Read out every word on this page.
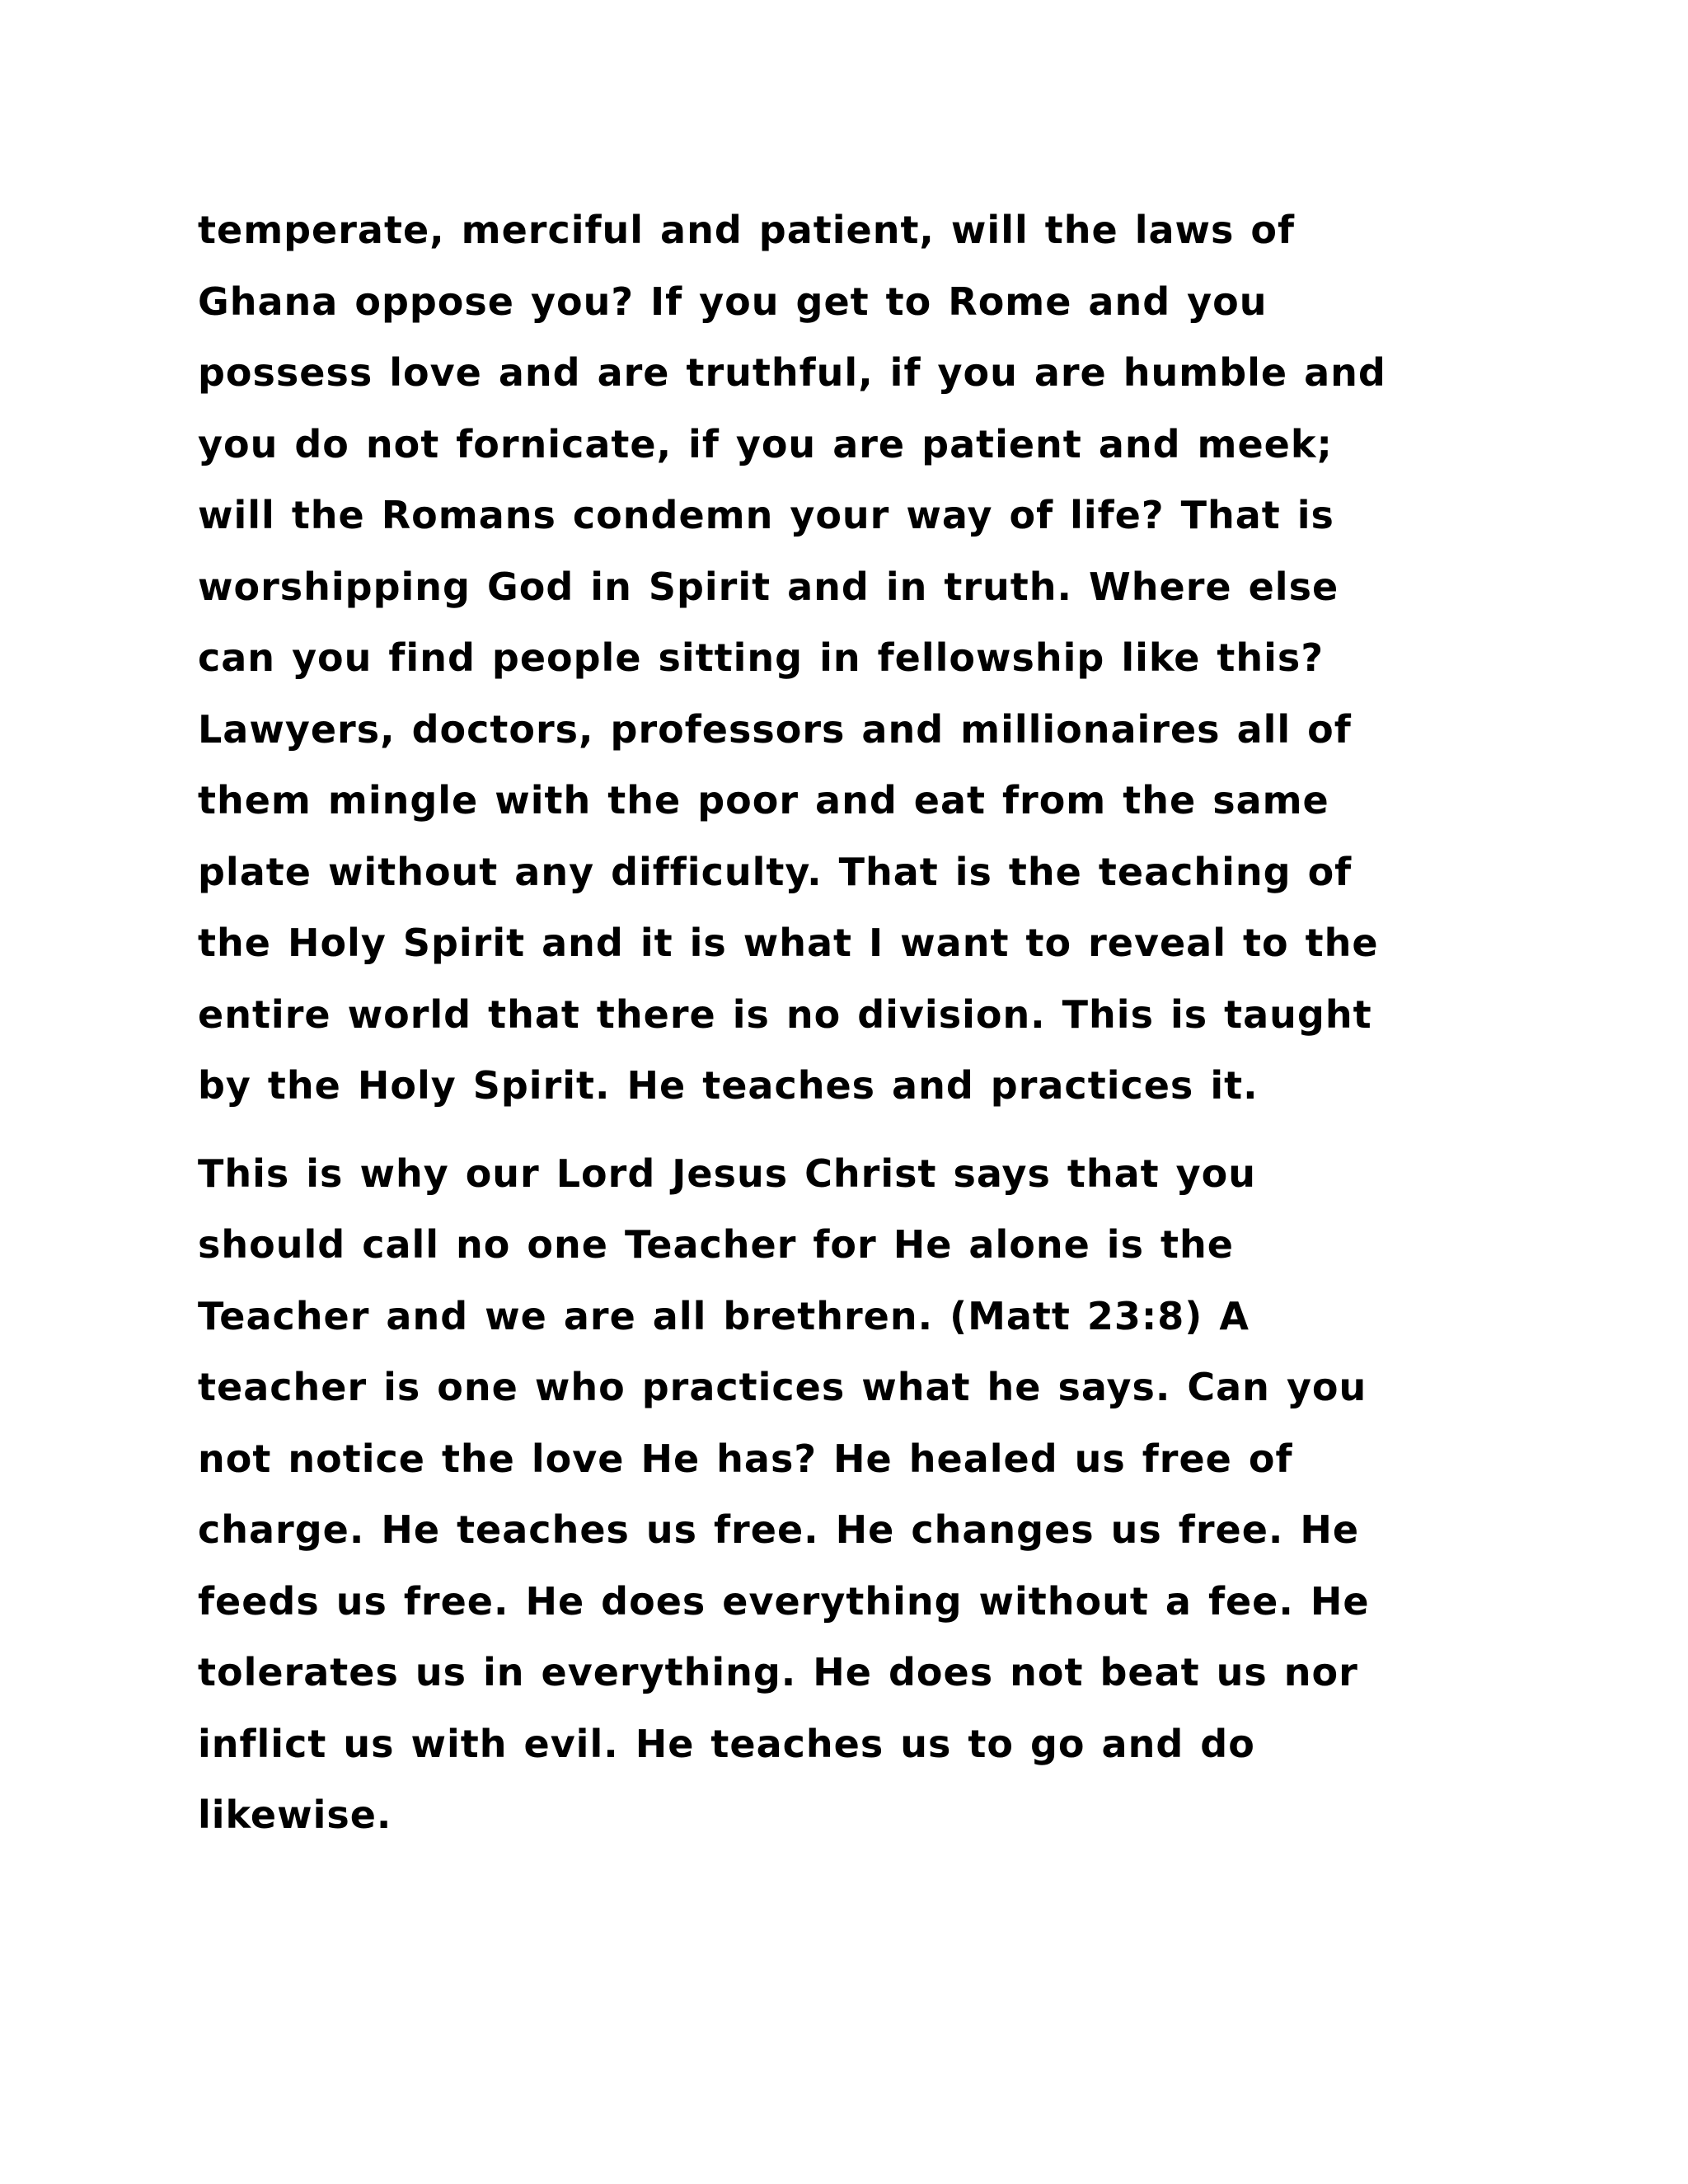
temperate, merciful and patient, will the laws of
Ghana oppose you? If you get to Rome and you
possess love and are truthful, if you are humble and
you do not fornicate, if you are patient and meek;
will the Romans condemn your way of life? That is
worshipping God in Spirit and in truth. Where else
can you find people sitting in fellowship like this?
Lawyers, doctors, professors and millionaires all of
them mingle with the poor and eat from the same
plate without any difficulty. That is the teaching of
the Holy Spirit and it is what I want to reveal to the
entire world that there is no division. This is taught
by the Holy Spirit. He teaches and practices it.
This is why our Lord Jesus Christ says that you
should call no one Teacher for He alone is the
Teacher and we are all brethren. (Matt 23:8) A
teacher is one who practices what he says. Can you
not notice the love He has? He healed us free of
charge. He teaches us free. He changes us free. He
feeds us free. He does everything without a fee. He
tolerates us in everything. He does not beat us nor
inflict us with evil. He teaches us to go and do
likewise.
